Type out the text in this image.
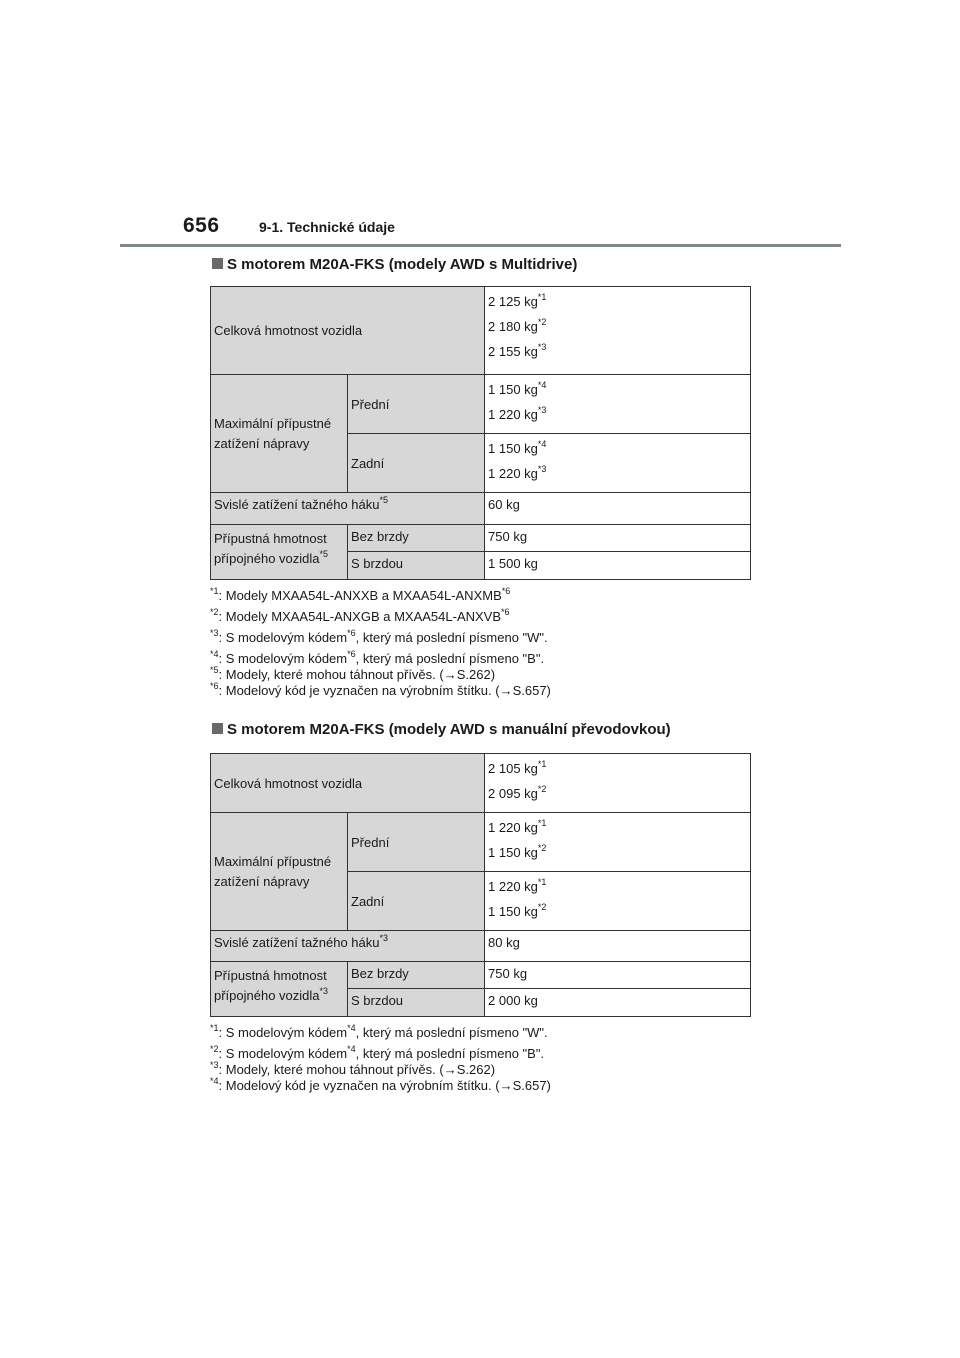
656	9-1. Technické údaje
S motorem M20A-FKS (modely AWD s Multidrive)
Celková hmotnost vozidla		2 125 $kg^{*1}$
2 180 $kg^{*2}$
2 155 $kg^{*3}$

Maximální přípustné
zatížení nápravy	Přední	1 150 $kg^{*4}$
1 220 $kg^{*3}$

	Zadní	1 150 $kg^{*4}$
1 220 $kg^{*3}$

Svislé zatížení tažného háku$^{*5}$		60 kg

Přípustná hmotnost
přípojného vozidla$^{*5}$	Bez brzdy	750 kg

	S brzdou	1 500 kg
$^{*1}$: Modely MXAA54L-ANXXB a MXAA54L-ANXMB$^{*6}$
$^{*2}$: Modely MXAA54L-ANXGB a MXAA54L-ANXVB$^{*6}$
$^{*3}$: S modelovým kódem$^{*6}$, který má poslední písmeno "W".
$^{*4}$: S modelovým kódem$^{*6}$, který má poslední písmeno "B".
$^{*5}$: Modely, které mohou táhnout přívěs. (→S.262)
$^{*6}$: Modelový kód je vyznačen na výrobním štítku. (→S.657)
S motorem M20A-FKS (modely AWD s manuální převodovkou)
Celková hmotnost vozidla		2 105 $kg^{*1}$
2 095 $kg^{*2}$

Maximální přípustné
zatížení nápravy	Přední	1 220 $kg^{*1}$
1 150 $kg^{*2}$

	Zadní	1 220 $kg^{*1}$
1 150 $kg^{*2}$

Svislé zatížení tažného háku$^{*3}$		80 kg

Přípustná hmotnost
přípojného vozidla$^{*3}$	Bez brzdy	750 kg

	S brzdou	2 000 kg
$^{*1}$: S modelovým kódem$^{*4}$, který má poslední písmeno "W".
$^{*2}$: S modelovým kódem$^{*4}$, který má poslední písmeno "B".
$^{*3}$: Modely, které mohou táhnout přívěs. (→S.262)
$^{*4}$: Modelový kód je vyznačen na výrobním štítku. (→S.657)
